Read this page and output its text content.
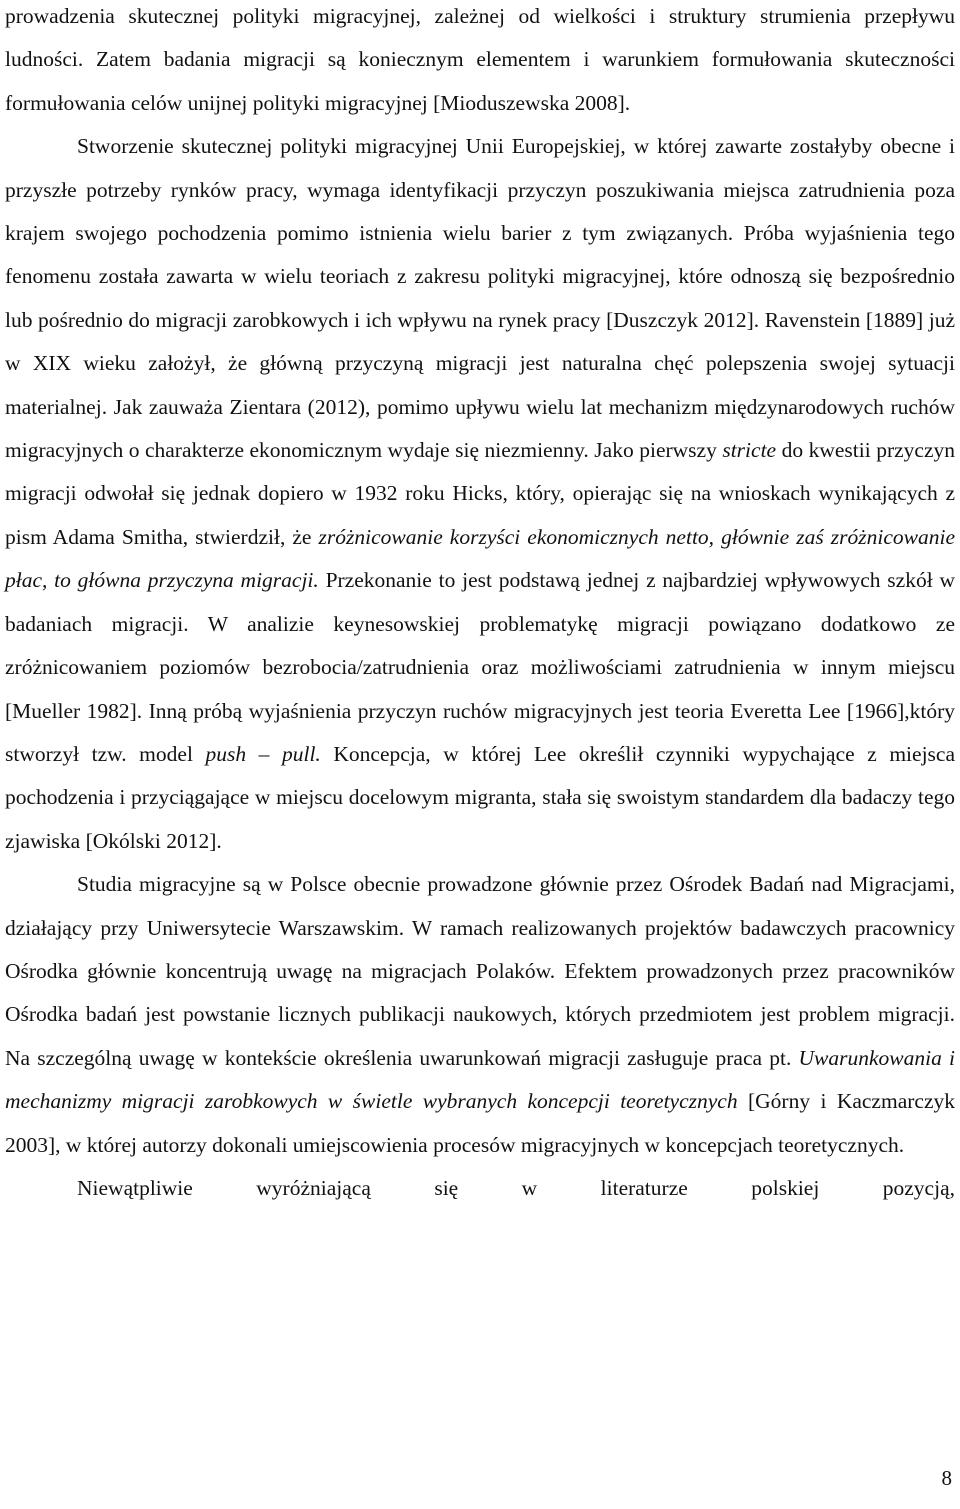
prowadzenia skutecznej polityki migracyjnej, zależnej od wielkości i struktury strumienia przepływu ludności. Zatem badania migracji są koniecznym elementem i warunkiem formułowania skuteczności formułowania celów unijnej polityki migracyjnej [Mioduszewska 2008].

Stworzenie skutecznej polityki migracyjnej Unii Europejskiej, w której zawarte zostałyby obecne i przyszłe potrzeby rynków pracy, wymaga identyfikacji przyczyn poszukiwania miejsca zatrudnienia poza krajem swojego pochodzenia pomimo istnienia wielu barier z tym związanych. Próba wyjaśnienia tego fenomenu została zawarta w wielu teoriach z zakresu polityki migracyjnej, które odnoszą się bezpośrednio lub pośrednio do migracji zarobkowych i ich wpływu na rynek pracy [Duszczyk 2012]. Ravenstein [1889] już w XIX wieku założył, że główną przyczyną migracji jest naturalna chęć polepszenia swojej sytuacji materialnej. Jak zauważa Zientara (2012), pomimo upływu wielu lat mechanizm międzynarodowych ruchów migracyjnych o charakterze ekonomicznym wydaje się niezmienny. Jako pierwszy stricte do kwestii przyczyn migracji odwołał się jednak dopiero w 1932 roku Hicks, który, opierając się na wnioskach wynikających z pism Adama Smitha, stwierdził, że zróżnicowanie korzyści ekonomicznych netto, głównie zaś zróżnicowanie płac, to główna przyczyna migracji. Przekonanie to jest podstawą jednej z najbardziej wpływowych szkół w badaniach migracji. W analizie keynesowskiej problematykę migracji powiązano dodatkowo ze zróżnicowaniem poziomów bezrobocia/zatrudnienia oraz możliwościami zatrudnienia w innym miejscu [Mueller 1982]. Inną próbą wyjaśnienia przyczyn ruchów migracyjnych jest teoria Everetta Lee [1966],który stworzył tzw. model push – pull. Koncepcja, w której Lee określił czynniki wypychające z miejsca pochodzenia i przyciągające w miejscu docelowym migranta, stała się swoistym standardem dla badaczy tego zjawiska [Okólski 2012].

Studia migracyjne są w Polsce obecnie prowadzone głównie przez Ośrodek Badań nad Migracjami, działający przy Uniwersytecie Warszawskim. W ramach realizowanych projektów badawczych pracownicy Ośrodka głównie koncentrują uwagę na migracjach Polaków. Efektem prowadzonych przez pracowników Ośrodka badań jest powstanie licznych publikacji naukowych, których przedmiotem jest problem migracji. Na szczególną uwagę w kontekście określenia uwarunkowań migracji zasługuje praca pt. Uwarunkowania i mechanizmy migracji zarobkowych w świetle wybranych koncepcji teoretycznych [Górny i Kaczmarczyk 2003], w której autorzy dokonali umiejscowienia procesów migracyjnych w koncepcjach teoretycznych.

Niewątpliwie wyróżniającą się w literaturze polskiej pozycją,

8
